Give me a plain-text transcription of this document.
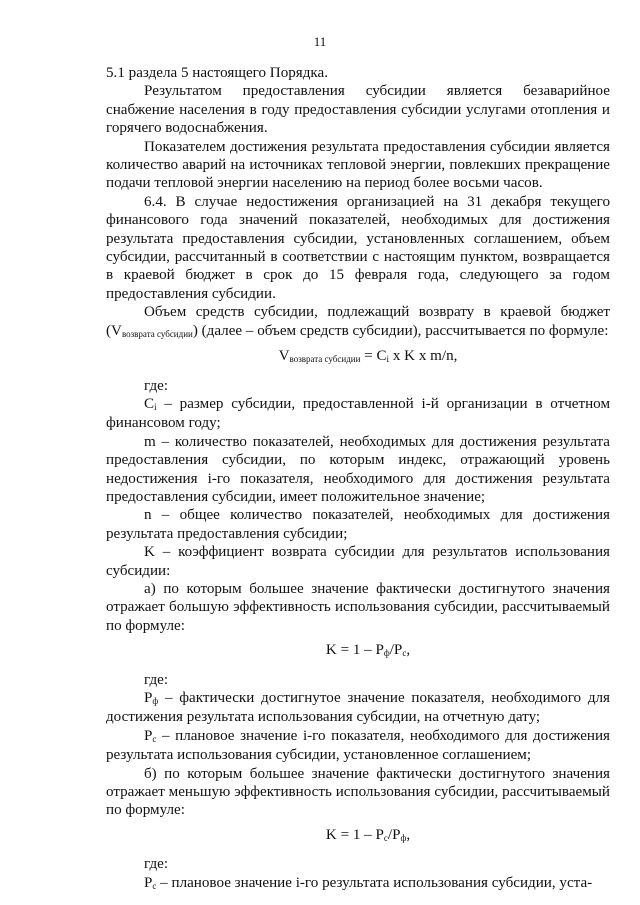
11

5.1 раздела 5 настоящего Порядка.

Результатом предоставления субсидии является безаварийное снабжение населения в году предоставления субсидии услугами отопления и горячего водоснабжения.

Показателем достижения результата предоставления субсидии является количество аварий на источниках тепловой энергии, повлекших прекращение подачи тепловой энергии населению на период более восьми часов.

6.4. В случае недостижения организацией на 31 декабря текущего финансового года значений показателей, необходимых для достижения результата предоставления субсидии, установленных соглашением, объем субсидии, рассчитанный в соответствии с настоящим пунктом, возвращается в краевой бюджет в срок до 15 февраля года, следующего за годом предоставления субсидии.

Объем средств субсидии, подлежащий возврату в краевой бюджет (Vвозврата субсидии) (далее – объем средств субсидии), рассчитывается по формуле:

Vвозврата субсидии = Ci x K x m/n,

где:

Ci – размер субсидии, предоставленной i-й организации в отчетном финансовом году;

m – количество показателей, необходимых для достижения результата предоставления субсидии, по которым индекс, отражающий уровень недостижения i-го показателя, необходимого для достижения результата предоставления субсидии, имеет положительное значение;

n – общее количество показателей, необходимых для достижения результата предоставления субсидии;

K – коэффициент возврата субсидии для результатов использования субсидии:

а) по которым большее значение фактически достигнутого значения отражает большую эффективность использования субсидии, рассчитываемый по формуле:

K = 1 – Pф/Pc,

где:

Pф – фактически достигнутое значение показателя, необходимого для достижения результата использования субсидии, на отчетную дату;

Pc – плановое значение i-го показателя, необходимого для достижения результата использования субсидии, установленное соглашением;

б) по которым большее значение фактически достигнутого значения отражает меньшую эффективность использования субсидии, рассчитываемый по формуле:

K = 1 – Pc/Pф,

где:

Pc – плановое значение i-го результата использования субсидии, уста-
